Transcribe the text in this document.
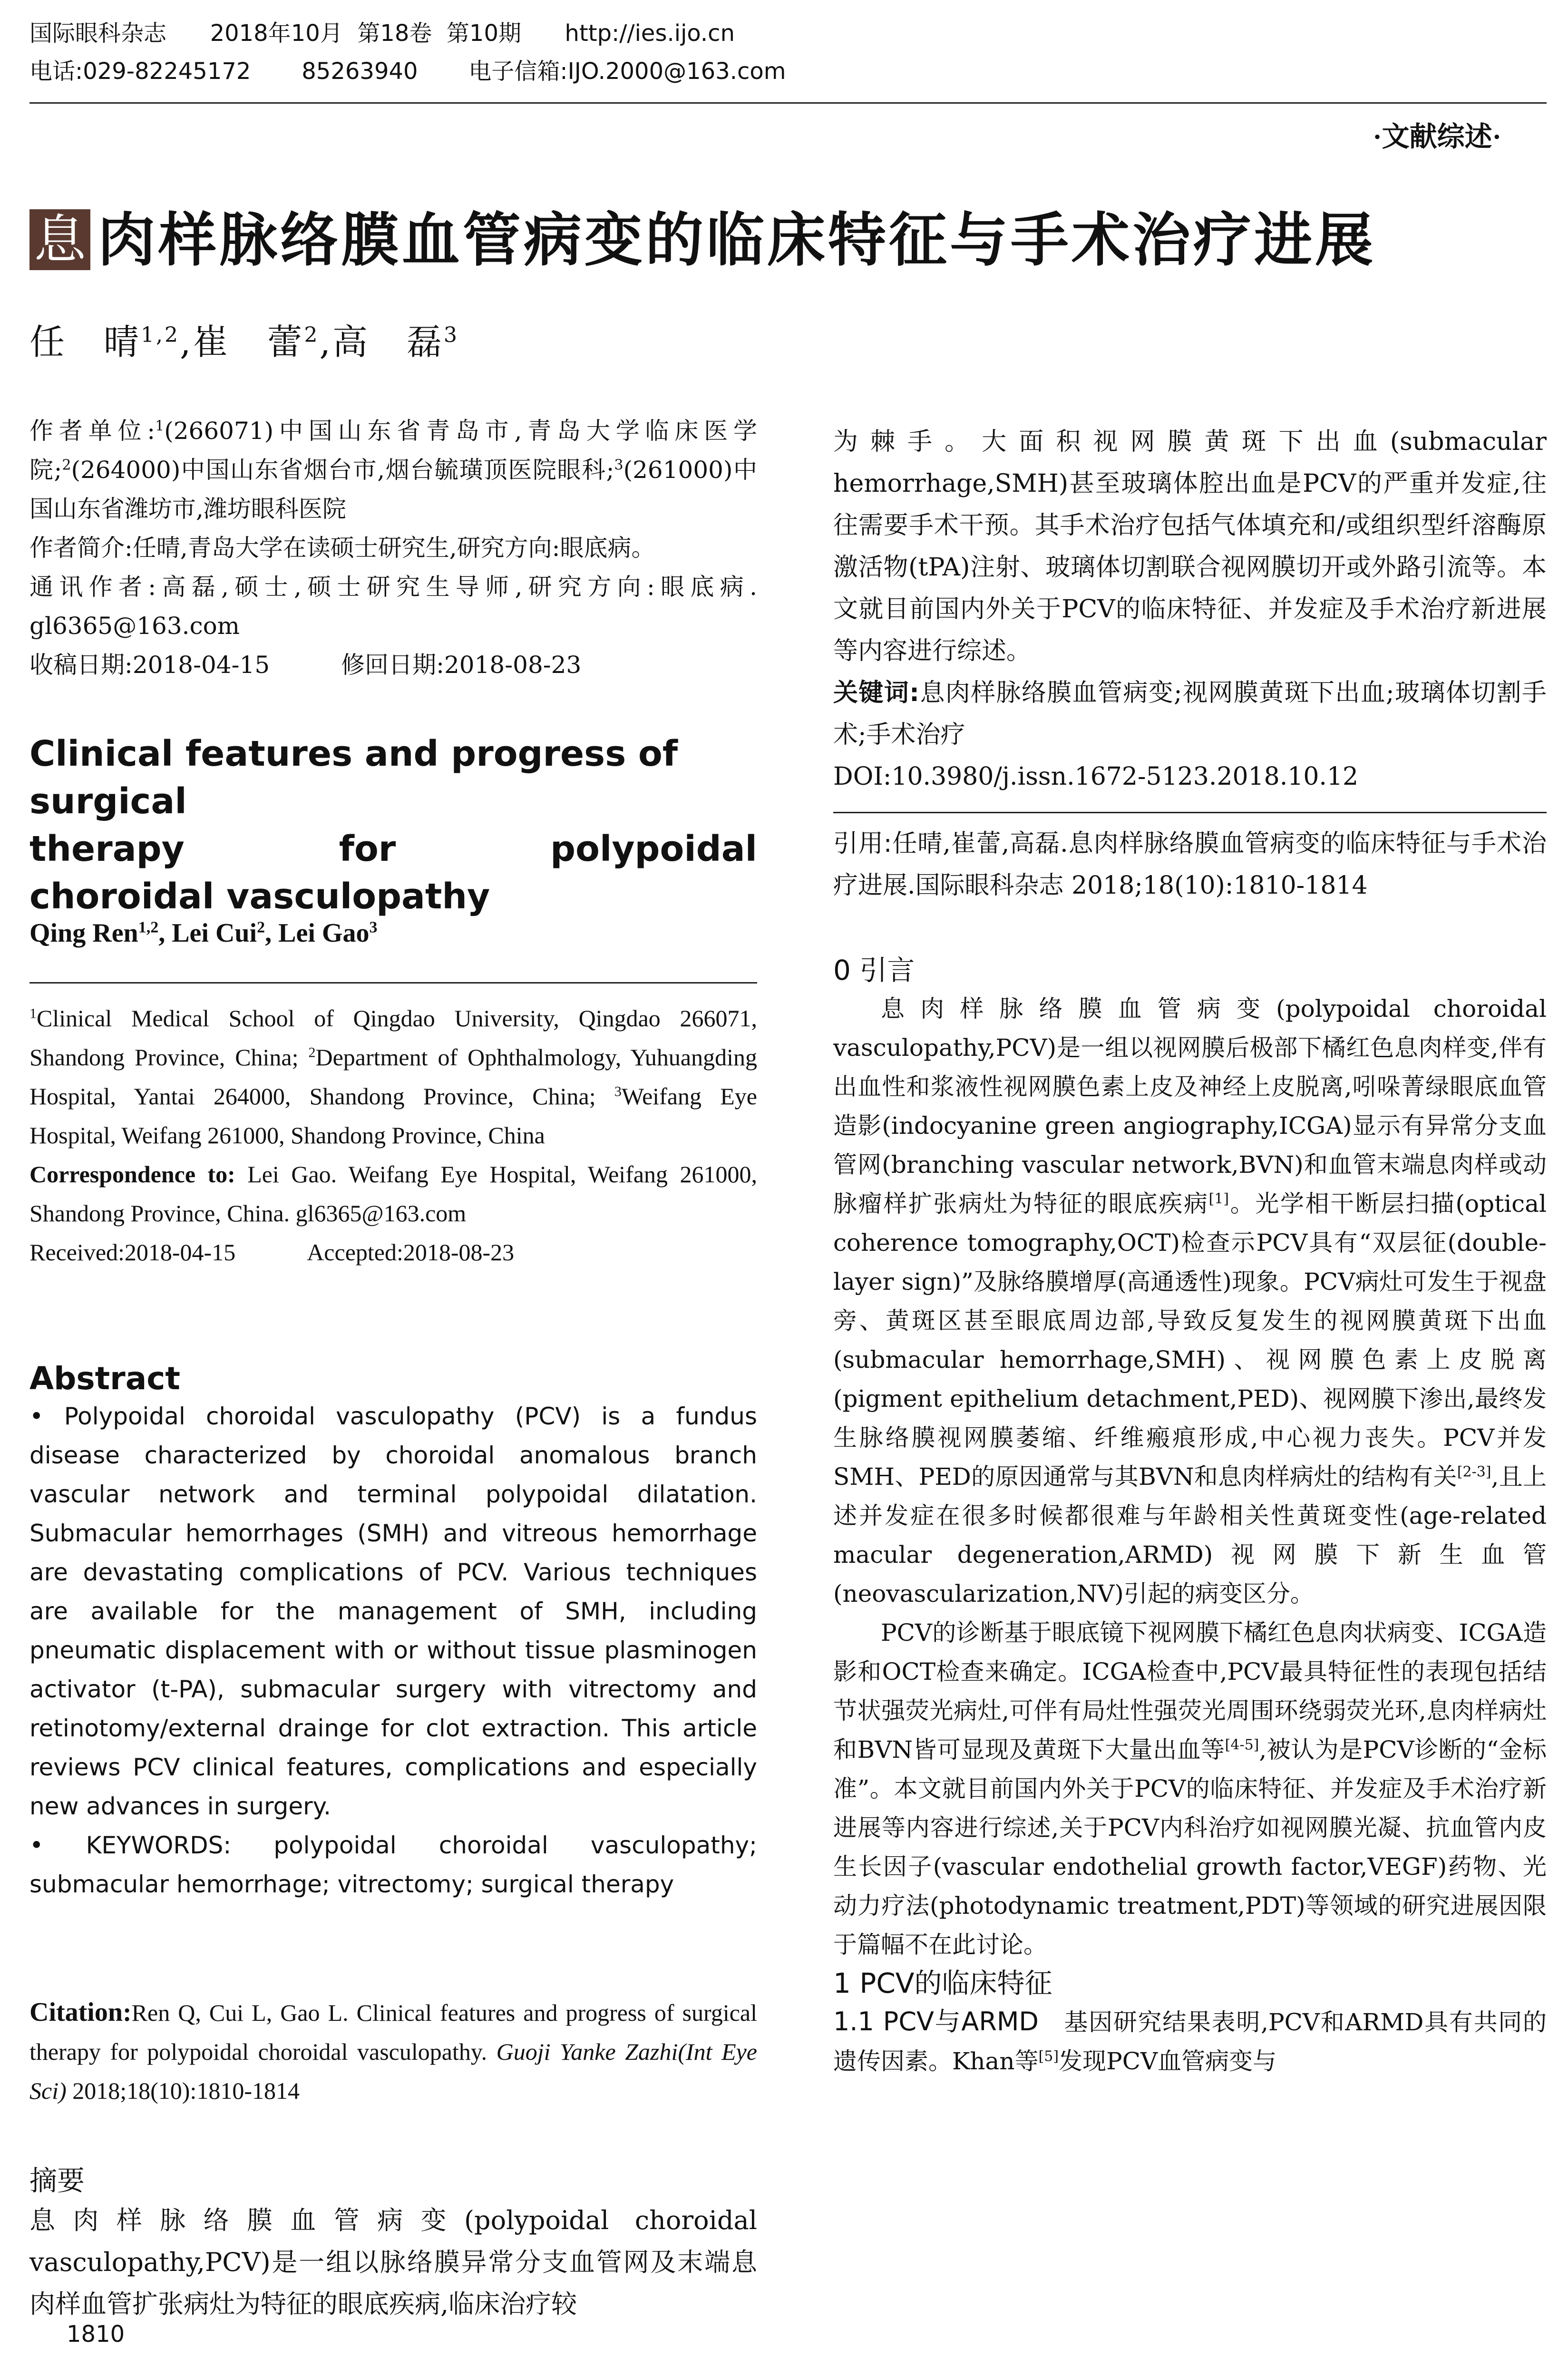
国际眼科杂志 2018年10月  第18卷  第10期 http://ies.ijo.cn
电话:029-82245172 85263940 电子信箱:IJO.2000@163.com
·文献综述·
息 肉样脉络膜血管病变的临床特征与手术治疗进展
任　晴$^{1,2}$,崔　蕾$^2$,高　磊$^3$

作者单位:$^1$(266071)中国山东省青岛市,青岛大学临床医学院;$^2$(264000)中国山东省烟台市,烟台毓璜顶医院眼科;$^3$(261000)中国山东省潍坊市,潍坊眼科医院

作者简介:任晴,青岛大学在读硕士研究生,研究方向:眼底病。

通讯作者:高磊,硕士,硕士研究生导师,研究方向:眼底病. gl6365@163.com

收稿日期:2018-04-15　　　	修回日期:2018-08-23

Clinical features and progress of surgical
therapy	for	polypoidal
choroidal vasculopathy
Qing Ren$^{1,2}$, Lei Cui$^2$, Lei Gao$^3$

$^1$Clinical Medical School of Qingdao University, Qingdao 266071, Shandong Province, China; $^2$Department of Ophthalmology, Yuhuangding Hospital, Yantai 264000, Shandong Province, China; $^3$Weifang Eye Hospital, Weifang 261000, Shandong Province, China

Correspondence to: Lei Gao. Weifang Eye Hospital, Weifang 261000, Shandong Province, China. gl6365@163.com

Received:2018-04-15　　　	Accepted:2018-08-23

Abstract

• Polypoidal choroidal vasculopathy (PCV) is a fundus disease characterized by choroidal anomalous branch vascular network and terminal polypoidal dilatation. Submacular hemorrhages (SMH) and vitreous hemorrhage are devastating complications of PCV. Various techniques are available for the management of SMH, including pneumatic displacement with or without tissue plasminogen activator (t-PA), submacular surgery with vitrectomy and retinotomy/external drainge for clot extraction. This article reviews PCV clinical features, complications and especially new advances in surgery.

• KEYWORDS: polypoidal choroidal vasculopathy; submacular hemorrhage; vitrectomy; surgical therapy

Citation:Ren Q, Cui L, Gao L. Clinical features and progress of surgical therapy for polypoidal choroidal vasculopathy. Guoji Yanke Zazhi(Int Eye Sci) 2018;18(10):1810-1814

摘要

息肉样脉络膜血管病变(polypoidal choroidal vasculopathy,PCV)是一组以脉络膜异常分支血管网及末端息肉样血管扩张病灶为特征的眼底疾病,临床治疗较

1810

为棘手。大面积视网膜黄斑下出血(submacular hemorrhage,SMH)甚至玻璃体腔出血是PCV的严重并发症,往往需要手术干预。其手术治疗包括气体填充和/或组织型纤溶酶原激活物(tPA)注射、玻璃体切割联合视网膜切开或外路引流等。本文就目前国内外关于PCV的临床特征、并发症及手术治疗新进展等内容进行综述。

关键词:息肉样脉络膜血管病变;视网膜黄斑下出血;玻璃体切割手术;手术治疗

DOI:10.3980/j.issn.1672-5123.2018.10.12

引用:任晴,崔蕾,高磊.息肉样脉络膜血管病变的临床特征与手术治疗进展.国际眼科杂志 2018;18(10):1810-1814

0 引言

息肉样脉络膜血管病变(polypoidal choroidal vasculopathy,PCV)是一组以视网膜后极部下橘红色息肉样变,伴有出血性和浆液性视网膜色素上皮及神经上皮脱离,吲哚菁绿眼底血管造影(indocyanine green angiography,ICGA)显示有异常分支血管网(branching vascular network,BVN)和血管末端息肉样或动脉瘤样扩张病灶为特征的眼底疾病[1]。光学相干断层扫描(optical coherence tomography,OCT)检查示PCV具有“双层征(double-layer sign)”及脉络膜增厚(高通透性)现象。PCV病灶可发生于视盘旁、黄斑区甚至眼底周边部,导致反复发生的视网膜黄斑下出血(submacular hemorrhage,SMH)、视网膜色素上皮脱离(pigment epithelium detachment,PED)、视网膜下渗出,最终发生脉络膜视网膜萎缩、纤维瘢痕形成,中心视力丧失。PCV并发SMH、PED的原因通常与其BVN和息肉样病灶的结构有关[2-3],且上述并发症在很多时候都很难与年龄相关性黄斑变性(age-related macular degeneration,ARMD)视网膜下新生血管(neovascularization,NV)引起的病变区分。

PCV的诊断基于眼底镜下视网膜下橘红色息肉状病变、ICGA造影和OCT检查来确定。ICGA检查中,PCV最具特征性的表现包括结节状强荧光病灶,可伴有局灶性强荧光周围环绕弱荧光环,息肉样病灶和BVN皆可显现及黄斑下大量出血等[4-5],被认为是PCV诊断的“金标准”。本文就目前国内外关于PCV的临床特征、并发症及手术治疗新进展等内容进行综述,关于PCV内科治疗如视网膜光凝、抗血管内皮生长因子(vascular endothelial growth factor,VEGF)药物、光动力疗法(photodynamic treatment,PDT)等领域的研究进展因限于篇幅不在此讨论。

1 PCV的临床特征

1.1 PCV与ARMD　 基因研究结果表明,PCV和ARMD具有共同的遗传因素。Khan等[5]发现PCV血管病变与
